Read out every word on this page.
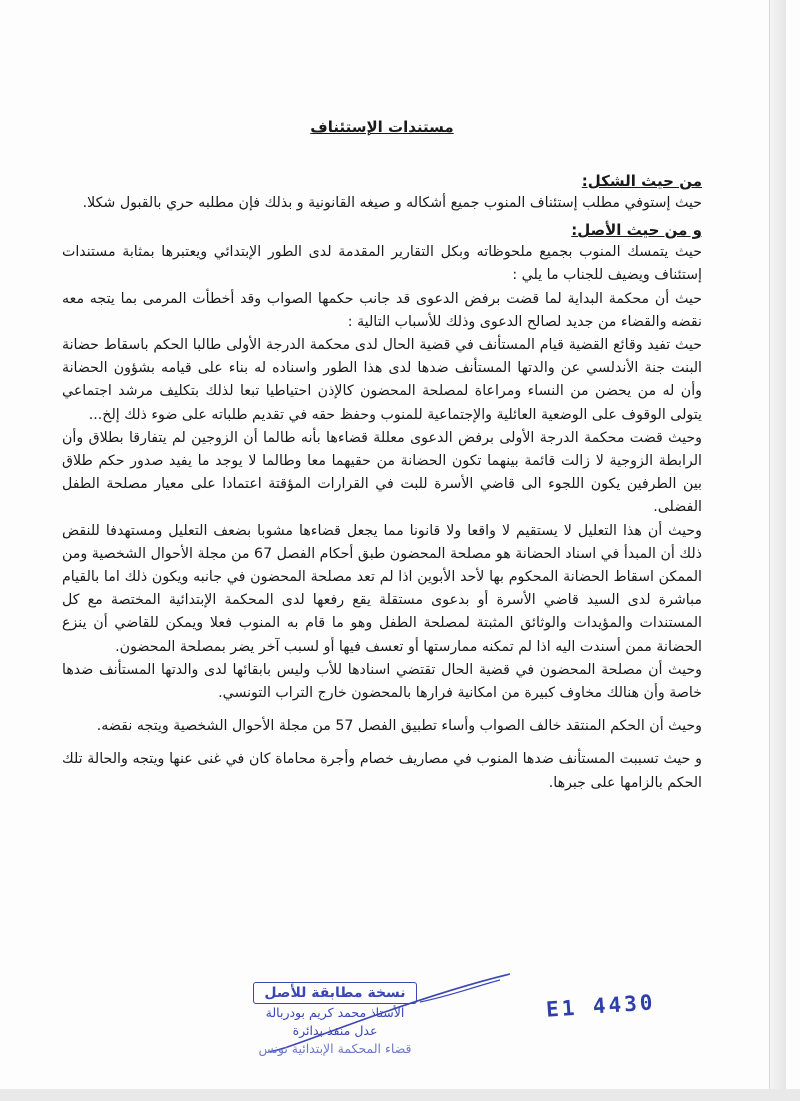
مستندات الإستئناف

من حيث الشكل:

حيث إستوفي مطلب إستئناف المنوب جميع أشكاله و صيغه القانونية و بذلك فإن مطلبه حري بالقبول شكلا.

و من حيث الأصل:

حيث يتمسك المنوب بجميع ملحوظاته وبكل التقارير المقدمة لدى الطور الإبتدائي ويعتبرها بمثابة مستندات إستئناف ويضيف للجناب ما يلي :

حيث أن محكمة البداية لما قضت برفض الدعوى قد جانب حكمها الصواب وقد أخطأت المرمى بما يتجه معه نقضه والقضاء من جديد لصالح الدعوى وذلك للأسباب التالية :

حيث تفيد وقائع القضية قيام المستأنف في قضية الحال لدى محكمة الدرجة الأولى طالبا الحكم باسقاط حضانة البنت جنة الأندلسي عن والدتها المستأنف ضدها لدى هذا الطور واسناده له بناء على قيامه بشؤون الحضانة وأن له من يحضن من النساء ومراعاة لمصلحة المحضون كالإذن احتياطيا تبعا لذلك بتكليف مرشد اجتماعي يتولى الوقوف على الوضعية العائلية والإجتماعية للمنوب وحفظ حقه في تقديم طلباته على ضوء ذلك إلخ...

وحيث قضت محكمة الدرجة الأولى برفض الدعوى معللة قضاءها بأنه طالما أن الزوجين لم يتفارقا بطلاق وأن الرابطة الزوجية لا زالت قائمة بينهما تكون الحضانة من حقيهما معا وطالما لا يوجد ما يفيد صدور حكم طلاق بين الطرفين يكون اللجوء الى قاضي الأسرة للبت في القرارات المؤقتة اعتمادا على معيار مصلحة الطفل الفضلى.

وحيث أن هذا التعليل لا يستقيم لا واقعا ولا قانونا مما يجعل قضاءها مشوبا بضعف التعليل ومستهدفا للنقض ذلك أن المبدأ في اسناد الحضانة هو مصلحة المحضون طبق أحكام الفصل 67 من مجلة الأحوال الشخصية ومن الممكن اسقاط الحضانة المحكوم بها لأحد الأبوين اذا لم تعد مصلحة المحضون في جانبه ويكون ذلك اما بالقيام مباشرة لدى السيد قاضي الأسرة أو بدعوى مستقلة يقع رفعها لدى المحكمة الإبتدائية المختصة مع كل المستندات والمؤيدات والوثائق المثبتة لمصلحة الطفل وهو ما قام به المنوب فعلا ويمكن للقاضي أن ينزع الحضانة ممن أسندت اليه اذا لم تمكنه ممارستها أو تعسف فيها أو لسبب آخر يضر بمصلحة المحضون.

وحيث أن مصلحة المحضون في قضية الحال تقتضي اسنادها للأب وليس بابقائها لدى والدتها المستأنف ضدها خاصة وأن هنالك مخاوف كبيرة من امكانية فرارها بالمحضون خارج التراب التونسي.

وحيث أن الحكم المنتقد خالف الصواب وأساء تطبيق الفصل 57 من مجلة الأحوال الشخصية ويتجه نقضه.

و حيث تسببت المستأنف ضدها المنوب في مصاريف خصام وأجرة محاماة كان في غنى عنها ويتجه والحالة تلك الحكم بالزامها على جبرها.

نسخة مطابقة للأصل
الأستاذ محمد كريم بودربالة
عدل منفذ بدائرة
قضاء المحكمة الإبتدائية تونس
E1 4430
